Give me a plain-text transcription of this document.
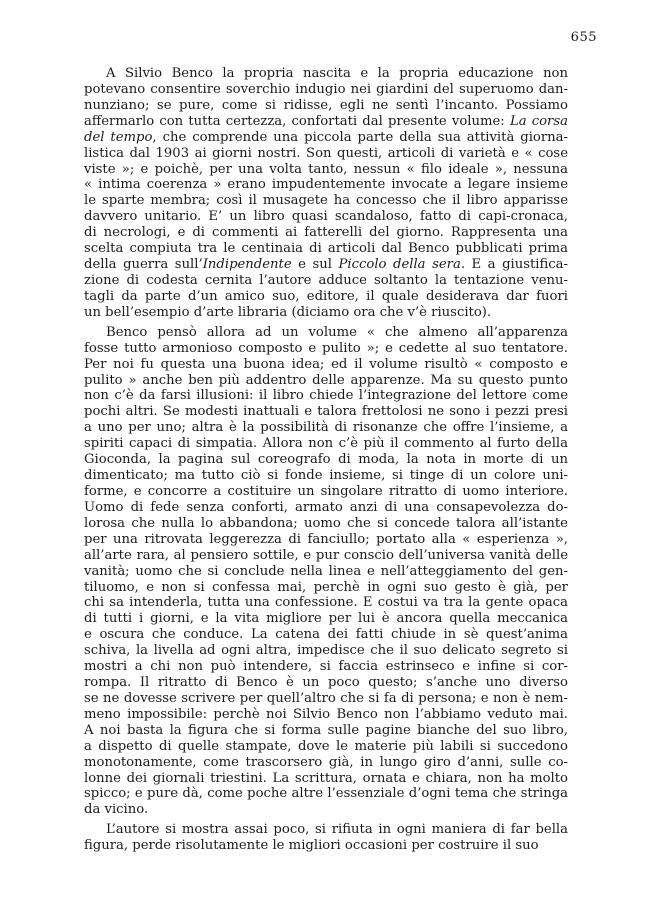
655
A Silvio Benco la propria nascita e la propria educazione non
potevano consentire soverchio indugio nei giardini del superuomo dan-
nunziano; se pure, come si ridisse, egli ne sentì l’incanto. Possiamo
affermarlo con tutta certezza, confortati dal presente volume: La corsa
del tempo, che comprende una piccola parte della sua attività giorna-
listica dal 1903 ai giorni nostri. Son questi, articoli di varietà e « cose
viste »; e poichè, per una volta tanto, nessun « filo ideale », nessuna
« intima coerenza » erano impudentemente invocate a legare insieme
le sparte membra; così il musagete ha concesso che il libro apparisse
davvero unitario. E’ un libro quasi scandaloso, fatto di capi-cronaca,
di necrologi, e di commenti ai fatterelli del giorno. Rappresenta una
scelta compiuta tra le centinaia di articoli dal Benco pubblicati prima
della guerra sull’Indipendente e sul Piccolo della sera. E a giustifica-
zione di codesta cernita l’autore adduce soltanto la tentazione venu-
tagli da parte d’un amico suo, editore, il quale desiderava dar fuori
un bell’esempio d’arte libraria (diciamo ora che v’è riuscito).
Benco pensò allora ad un volume « che almeno all’apparenza
fosse tutto armonioso composto e pulito »; e cedette al suo tentatore.
Per noi fu questa una buona idea; ed il volume risultò « composto e
pulito » anche ben più addentro delle apparenze. Ma su questo punto
non c’è da farsi illusioni: il libro chiede l’integrazione del lettore come
pochi altri. Se modesti inattuali e talora frettolosi ne sono i pezzi presi
a uno per uno; altra è la possibilità di risonanze che offre l’insieme, a
spiriti capaci di simpatia. Allora non c’è più il commento al furto della
Gioconda, la pagina sul coreografo di moda, la nota in morte di un
dimenticato; ma tutto ciò si fonde insieme, si tinge di un colore uni-
forme, e concorre a costituire un singolare ritratto di uomo interiore.
Uomo di fede senza conforti, armato anzi di una consapevolezza do-
lorosa che nulla lo abbandona; uomo che si concede talora all’istante
per una ritrovata leggerezza di fanciullo; portato alla « esperienza »,
all’arte rara, al pensiero sottile, e pur conscio dell’universa vanità delle
vanità; uomo che si conclude nella linea e nell’atteggiamento del gen-
tiluomo, e non si confessa mai, perchè in ogni suo gesto è già, per
chi sa intenderla, tutta una confessione. E costui va tra la gente opaca
di tutti i giorni, e la vita migliore per lui è ancora quella meccanica
e oscura che conduce. La catena dei fatti chiude in sè quest’anima
schiva, la livella ad ogni altra, impedisce che il suo delicato segreto si
mostri a chi non può intendere, si faccia estrinseco e infine si cor-
rompa. Il ritratto di Benco è un poco questo; s’anche uno diverso
se ne dovesse scrivere per quell’altro che si fa di persona; e non è nem-
meno impossibile: perchè noi Silvio Benco non l’abbiamo veduto mai.
A noi basta la figura che si forma sulle pagine bianche del suo libro,
a dispetto di quelle stampate, dove le materie più labili si succedono
monotonamente, come trascorsero già, in lungo giro d’anni, sulle co-
lonne dei giornali triestini. La scrittura, ornata e chiara, non ha molto
spicco; e pure dà, come poche altre l’essenziale d’ogni tema che stringa
da vicino.
L’autore si mostra assai poco, si rifiuta in ogni maniera di far bella
figura, perde risolutamente le migliori occasioni per costruire il suo
